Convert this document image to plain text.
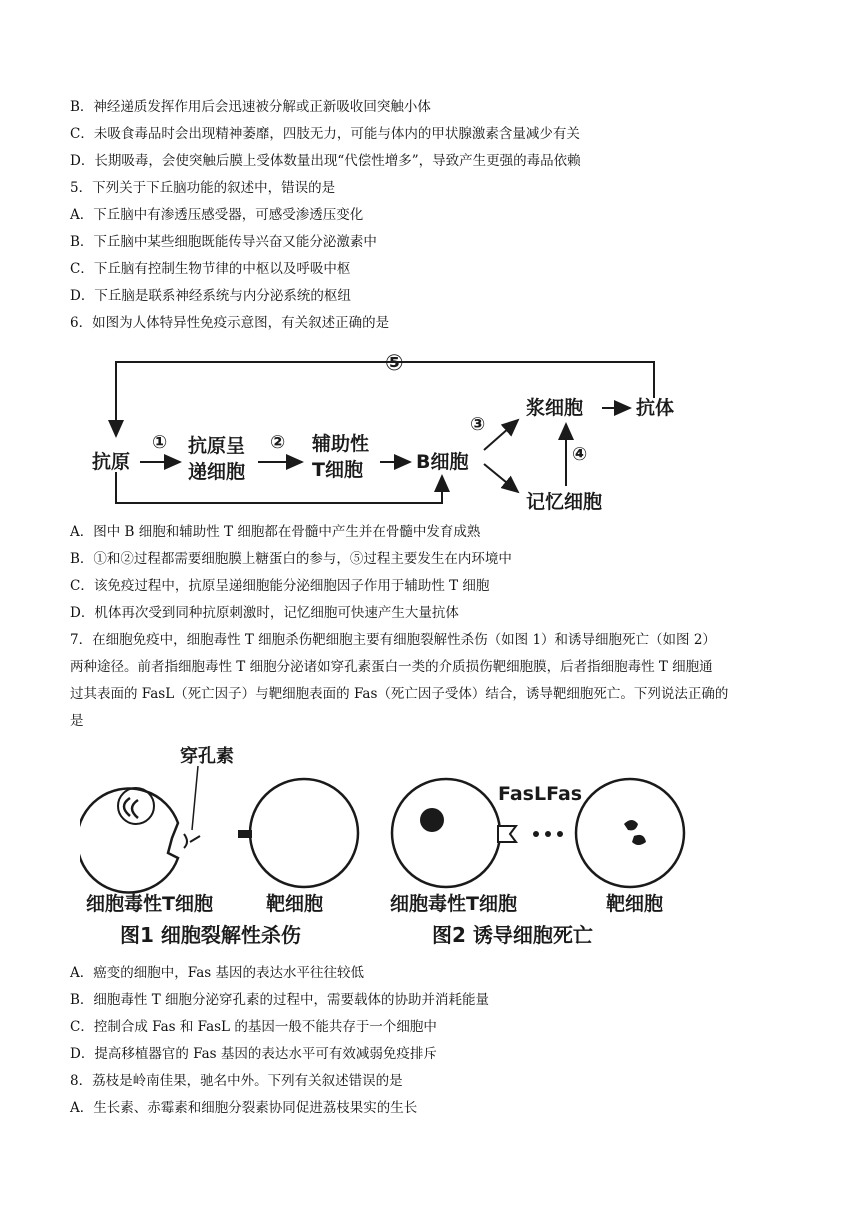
B．神经递质发挥作用后会迅速被分解或正新吸收回突触小体
C．未吸食毒品时会出现精神萎靡，四肢无力，可能与体内的甲状腺激素含量减少有关
D．长期吸毒，会使突触后膜上受体数量出现“代偿性增多”，导致产生更强的毒品依赖
5．下列关于下丘脑功能的叙述中，错误的是
A．下丘脑中有渗透压感受器，可感受渗透压变化
B．下丘脑中某些细胞既能传导兴奋又能分泌激素中
C．下丘脑有控制生物节律的中枢以及呼吸中枢
D．下丘脑是联系神经系统与内分泌系统的枢纽
6．如图为人体特异性免疫示意图，有关叙述正确的是
⑤
抗原
① 抗原呈
递细胞
② 辅助性
T细胞	B细胞
③
浆细胞	抗体
④
记忆细胞
A．图中 B 细胞和辅助性 T 细胞都在骨髓中产生并在骨髓中发育成熟
B．①和②过程都需要细胞膜上糖蛋白的参与，⑤过程主要发生在内环境中
C．该免疫过程中，抗原呈递细胞能分泌细胞因子作用于辅助性 T 细胞
D．机体再次受到同种抗原刺激时，记忆细胞可快速产生大量抗体
7．在细胞免疫中，细胞毒性 T 细胞杀伤靶细胞主要有细胞裂解性杀伤（如图 1）和诱导细胞死亡（如图 2）
两种途径。前者指细胞毒性 T 细胞分泌诸如穿孔素蛋白一类的介质损伤靶细胞膜，后者指细胞毒性 T 细胞通
过其表面的 FasL（死亡因子）与靶细胞表面的 Fas（死亡因子受体）结合，诱导靶细胞死亡。下列说法正确的
是
穿孔素
细胞毒性T细胞	靶细胞
图1 细胞裂解性杀伤
FasLFas
细胞毒性T细胞	靶细胞
图2 诱导细胞死亡
A．癌变的细胞中，Fas 基因的表达水平往往较低
B．细胞毒性 T 细胞分泌穿孔素的过程中，需要载体的协助并消耗能量
C．控制合成 Fas 和 FasL 的基因一般不能共存于一个细胞中
D．提高移植器官的 Fas 基因的表达水平可有效减弱免疫排斥
8．荔枝是岭南佳果，驰名中外。下列有关叙述错误的是
A．生长素、赤霉素和细胞分裂素协同促进荔枝果实的生长
